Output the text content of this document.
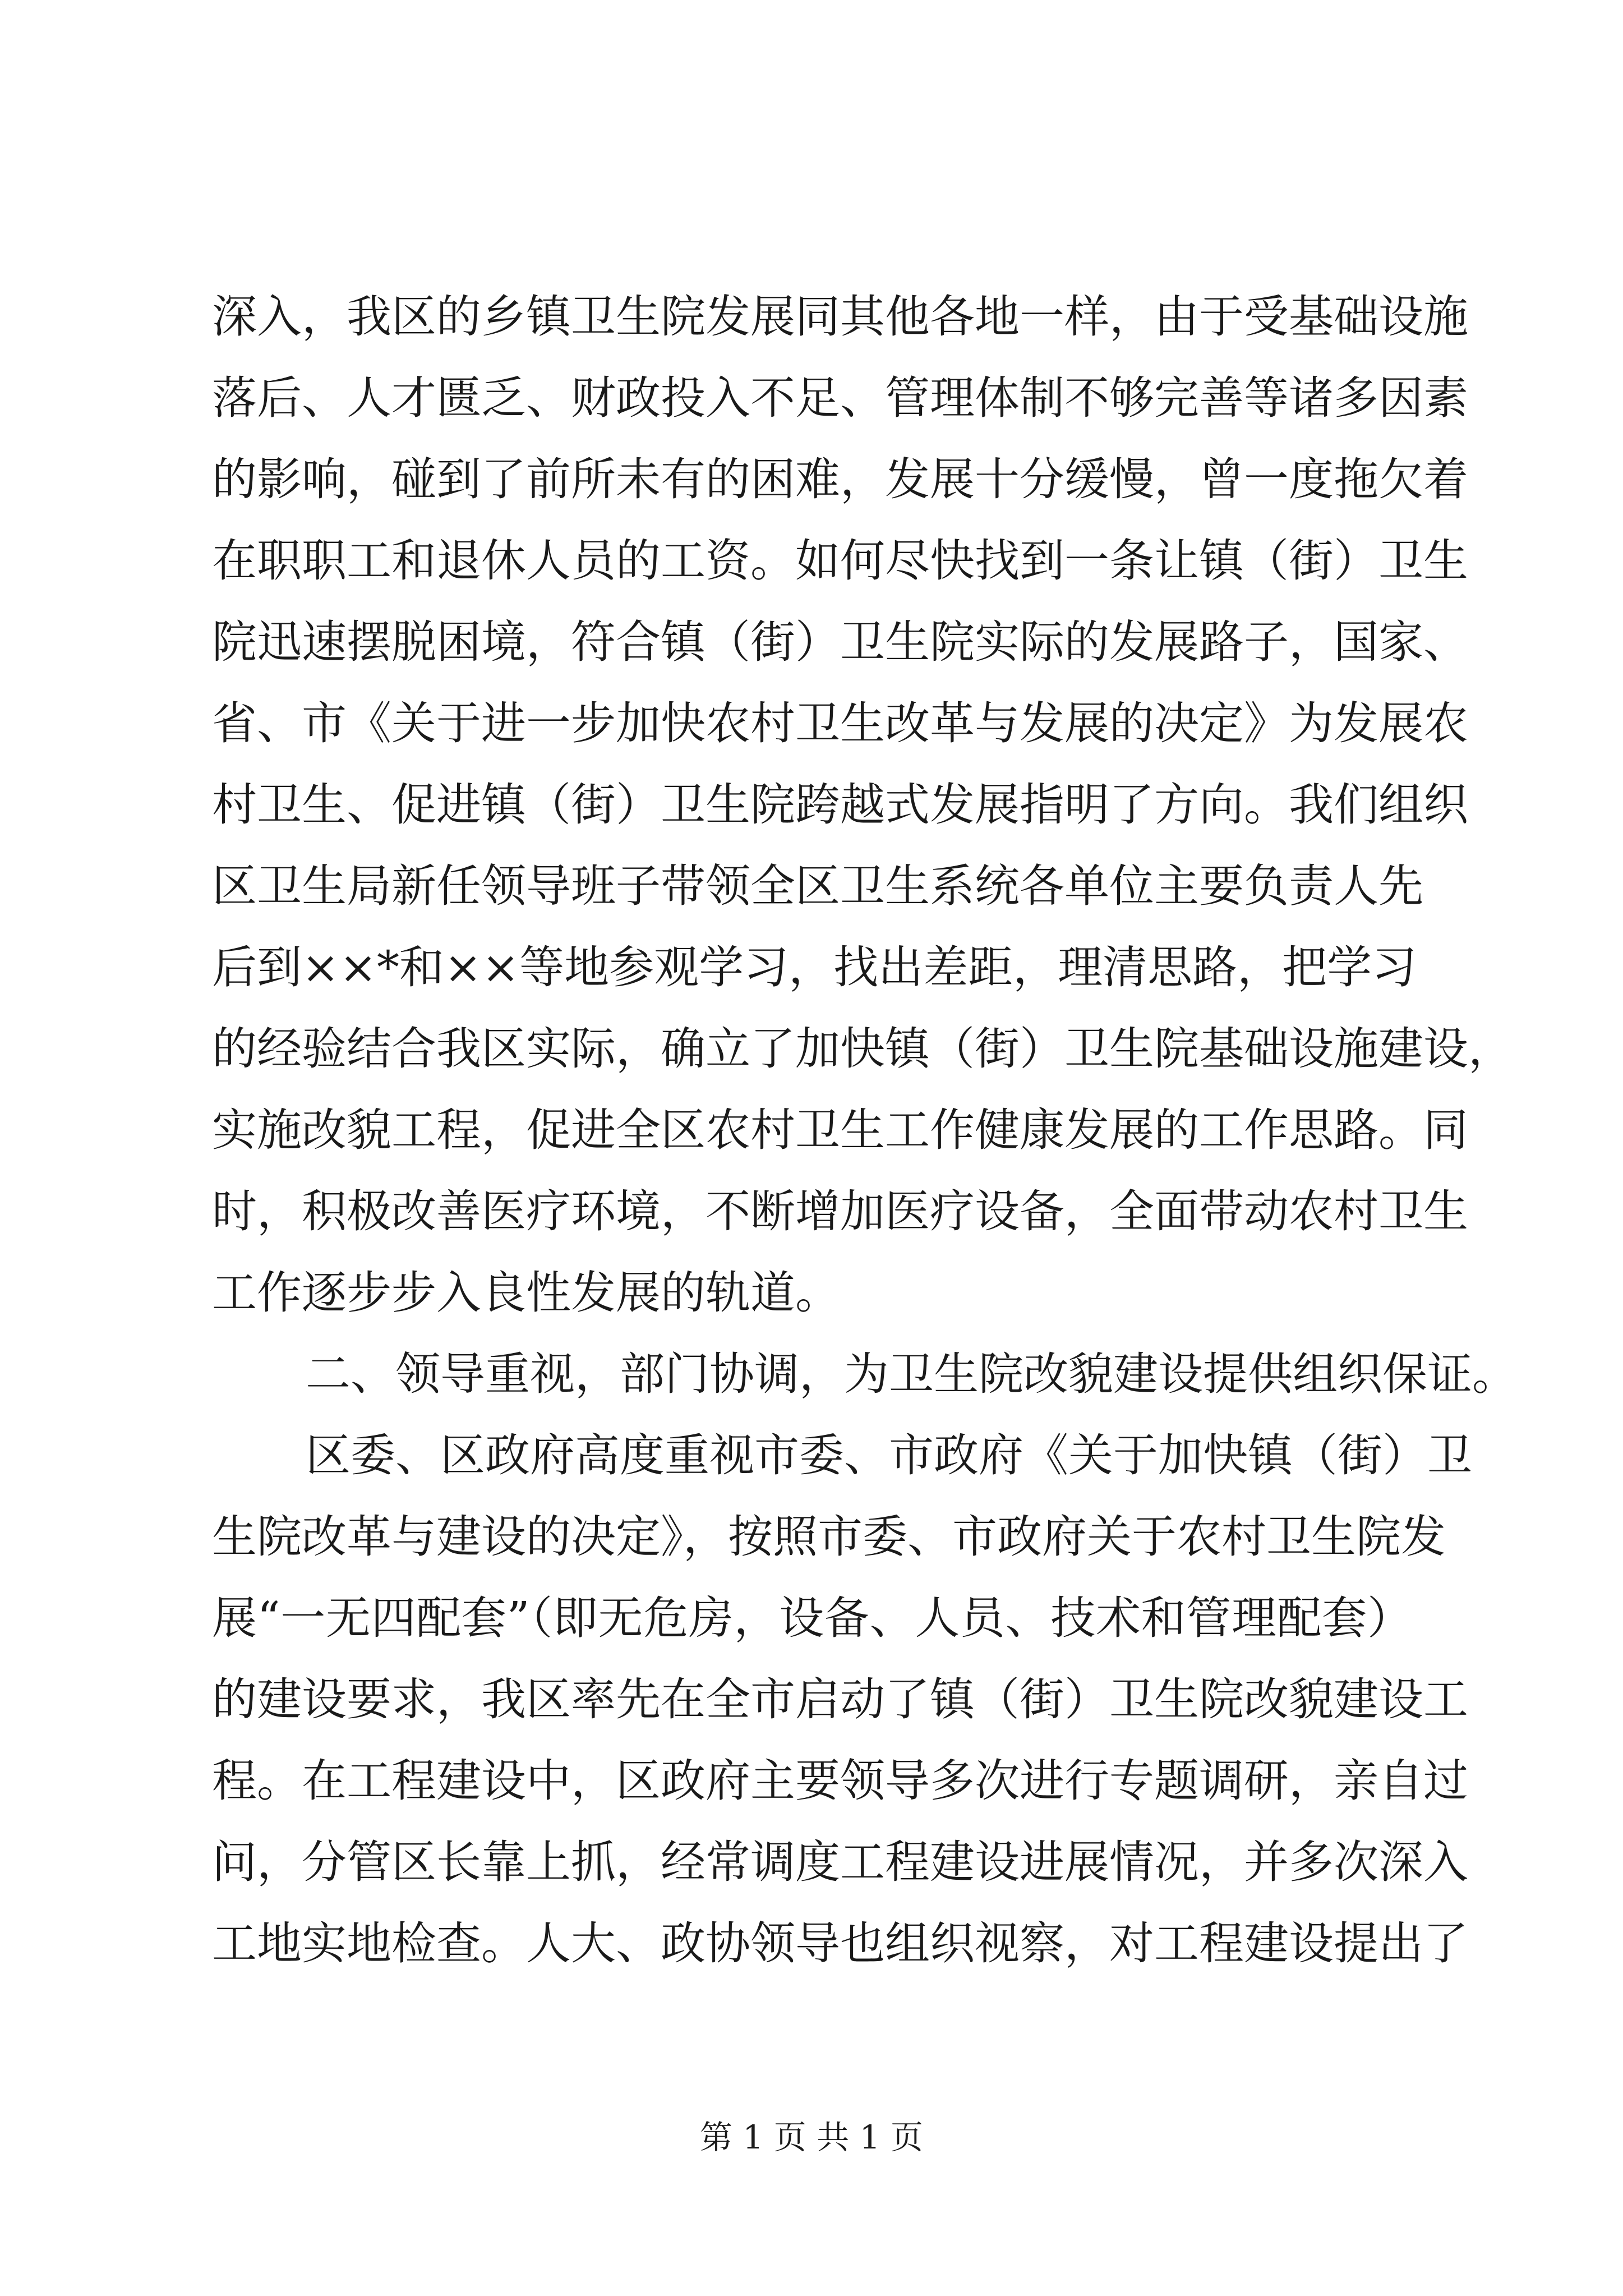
深入，我区的乡镇卫生院发展同其他各地一样，由于受基础设施
落后、人才匮乏、财政投入不足、管理体制不够完善等诸多因素
的影响，碰到了前所未有的困难，发展十分缓慢，曾一度拖欠着
在职职工和退休人员的工资。如何尽快找到一条让镇（街）卫生
院迅速摆脱困境，符合镇（街）卫生院实际的发展路子，国家、
省、市《关于进一步加快农村卫生改革与发展的决定》为发展农
村卫生、促进镇（街）卫生院跨越式发展指明了方向。我们组织
区卫生局新任领导班子带领全区卫生系统各单位主要负责人先
后到××*和××等地参观学习，找出差距，理清思路，把学习
的经验结合我区实际，确立了加快镇（街）卫生院基础设施建设，
实施改貌工程，促进全区农村卫生工作健康发展的工作思路。同
时，积极改善医疗环境，不断增加医疗设备，全面带动农村卫生
工作逐步步入良性发展的轨道。
二、领导重视，部门协调，为卫生院改貌建设提供组织保证。
区委、区政府高度重视市委、市政府《关于加快镇（街）卫
生院改革与建设的决定》，按照市委、市政府关于农村卫生院发
展“一无四配套”（即无危房，设备、人员、技术和管理配套）
的建设要求，我区率先在全市启动了镇（街）卫生院改貌建设工
程。在工程建设中，区政府主要领导多次进行专题调研，亲自过
问，分管区长靠上抓，经常调度工程建设进展情况，并多次深入
工地实地检查。人大、政协领导也组织视察，对工程建设提出了
第 1 页 共 1 页
